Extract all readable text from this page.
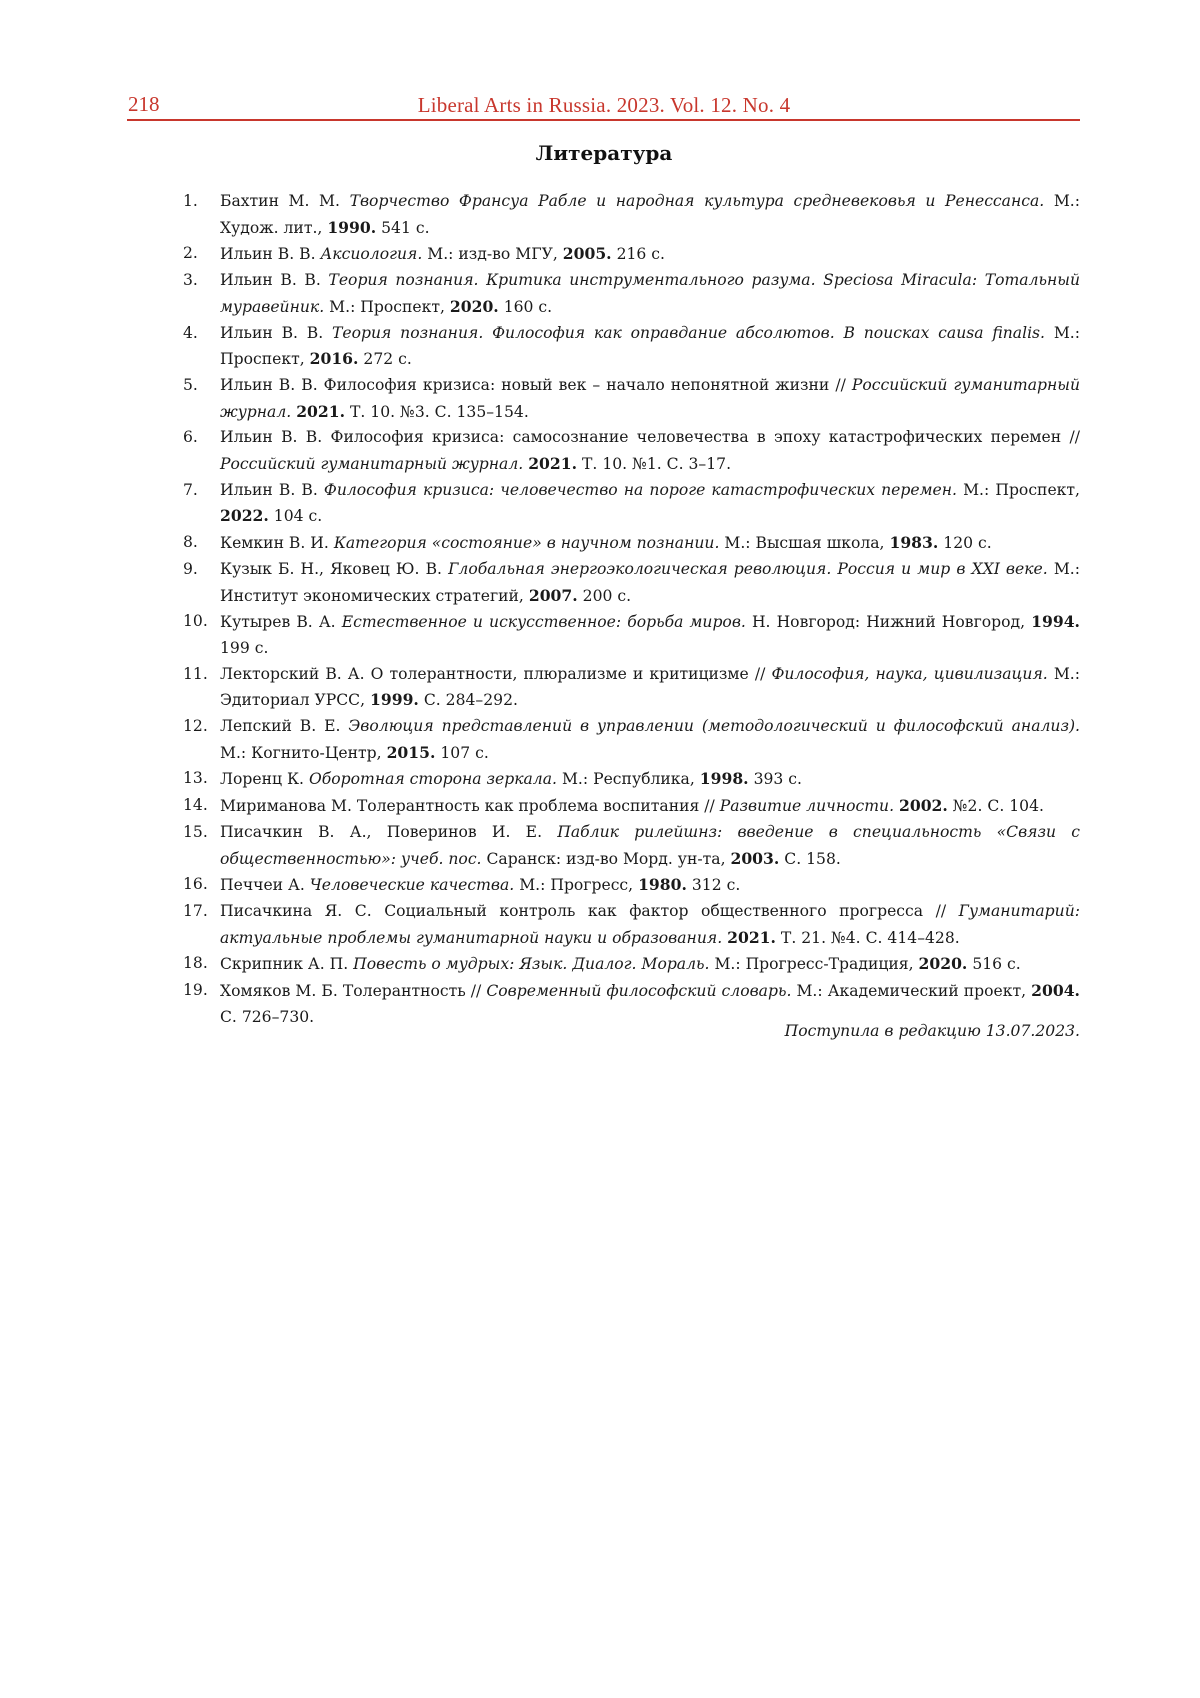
218	Liberal Arts in Russia. 2023. Vol. 12. No. 4
Литература
1.	Бахтин М. М. Творчество Франсуа Рабле и народная культура средневековья и Ренессанса. М.: Худож. лит., 1990. 541 с.
2.	Ильин В. В. Аксиология. М.: изд-во МГУ, 2005. 216 с.
3.	Ильин В. В. Теория познания. Критика инструментального разума. Speciosa Miracula: Тотальный муравейник. М.: Проспект, 2020. 160 с.
4.	Ильин В. В. Теория познания. Философия как оправдание абсолютов. В поисках causa finalis. М.: Проспект, 2016. 272 с.
5.	Ильин В. В. Философия кризиса: новый век – начало непонятной жизни // Российский гуманитарный журнал. 2021. Т. 10. №3. С. 135–154.
6.	Ильин В. В. Философия кризиса: самосознание человечества в эпоху катастрофических перемен // Российский гуманитарный журнал. 2021. Т. 10. №1. С. 3–17.
7.	Ильин В. В. Философия кризиса: человечество на пороге катастрофических перемен. М.: Проспект, 2022. 104 с.
8.	Кемкин В. И. Категория «состояние» в научном познании. М.: Высшая школа, 1983. 120 с.
9.	Кузык Б. Н., Яковец Ю. В. Глобальная энергоэкологическая революция. Россия и мир в XXI веке. М.: Институт экономических стратегий, 2007. 200 с.
10. Кутырев В. А. Естественное и искусственное: борьба миров. Н. Новгород: Нижний Новгород, 1994. 199 с.
11. Лекторский В. А. О толерантности, плюрализме и критицизме // Философия, наука, цивилизация. М.: Эдиториал УРСС, 1999. С. 284–292.
12. Лепский В. Е. Эволюция представлений в управлении (методологический и философский анализ). М.: Когнито-Центр, 2015. 107 с.
13. Лоренц К. Оборотная сторона зеркала. М.: Республика, 1998. 393 с.
14. Мириманова М. Толерантность как проблема воспитания // Развитие личности. 2002. №2. С. 104.
15. Писачкин В. А., Поверинов И. Е. Паблик рилейшнз: введение в специальность «Связи с общественностью»: учеб. пос. Саранск: изд-во Морд. ун-та, 2003. С. 158.
16. Печчеи А. Человеческие качества. М.: Прогресс, 1980. 312 с.
17. Писачкина Я. С. Социальный контроль как фактор общественного прогресса // Гуманитарий: актуальные проблемы гуманитарной науки и образования. 2021. Т. 21. №4. С. 414–428.
18. Скрипник А. П. Повесть о мудрых: Язык. Диалог. Мораль. М.: Прогресс-Традиция, 2020. 516 с.
19. Хомяков М. Б. Толерантность // Современный философский словарь. М.: Академический проект, 2004. С. 726–730.
Поступила в редакцию 13.07.2023.
